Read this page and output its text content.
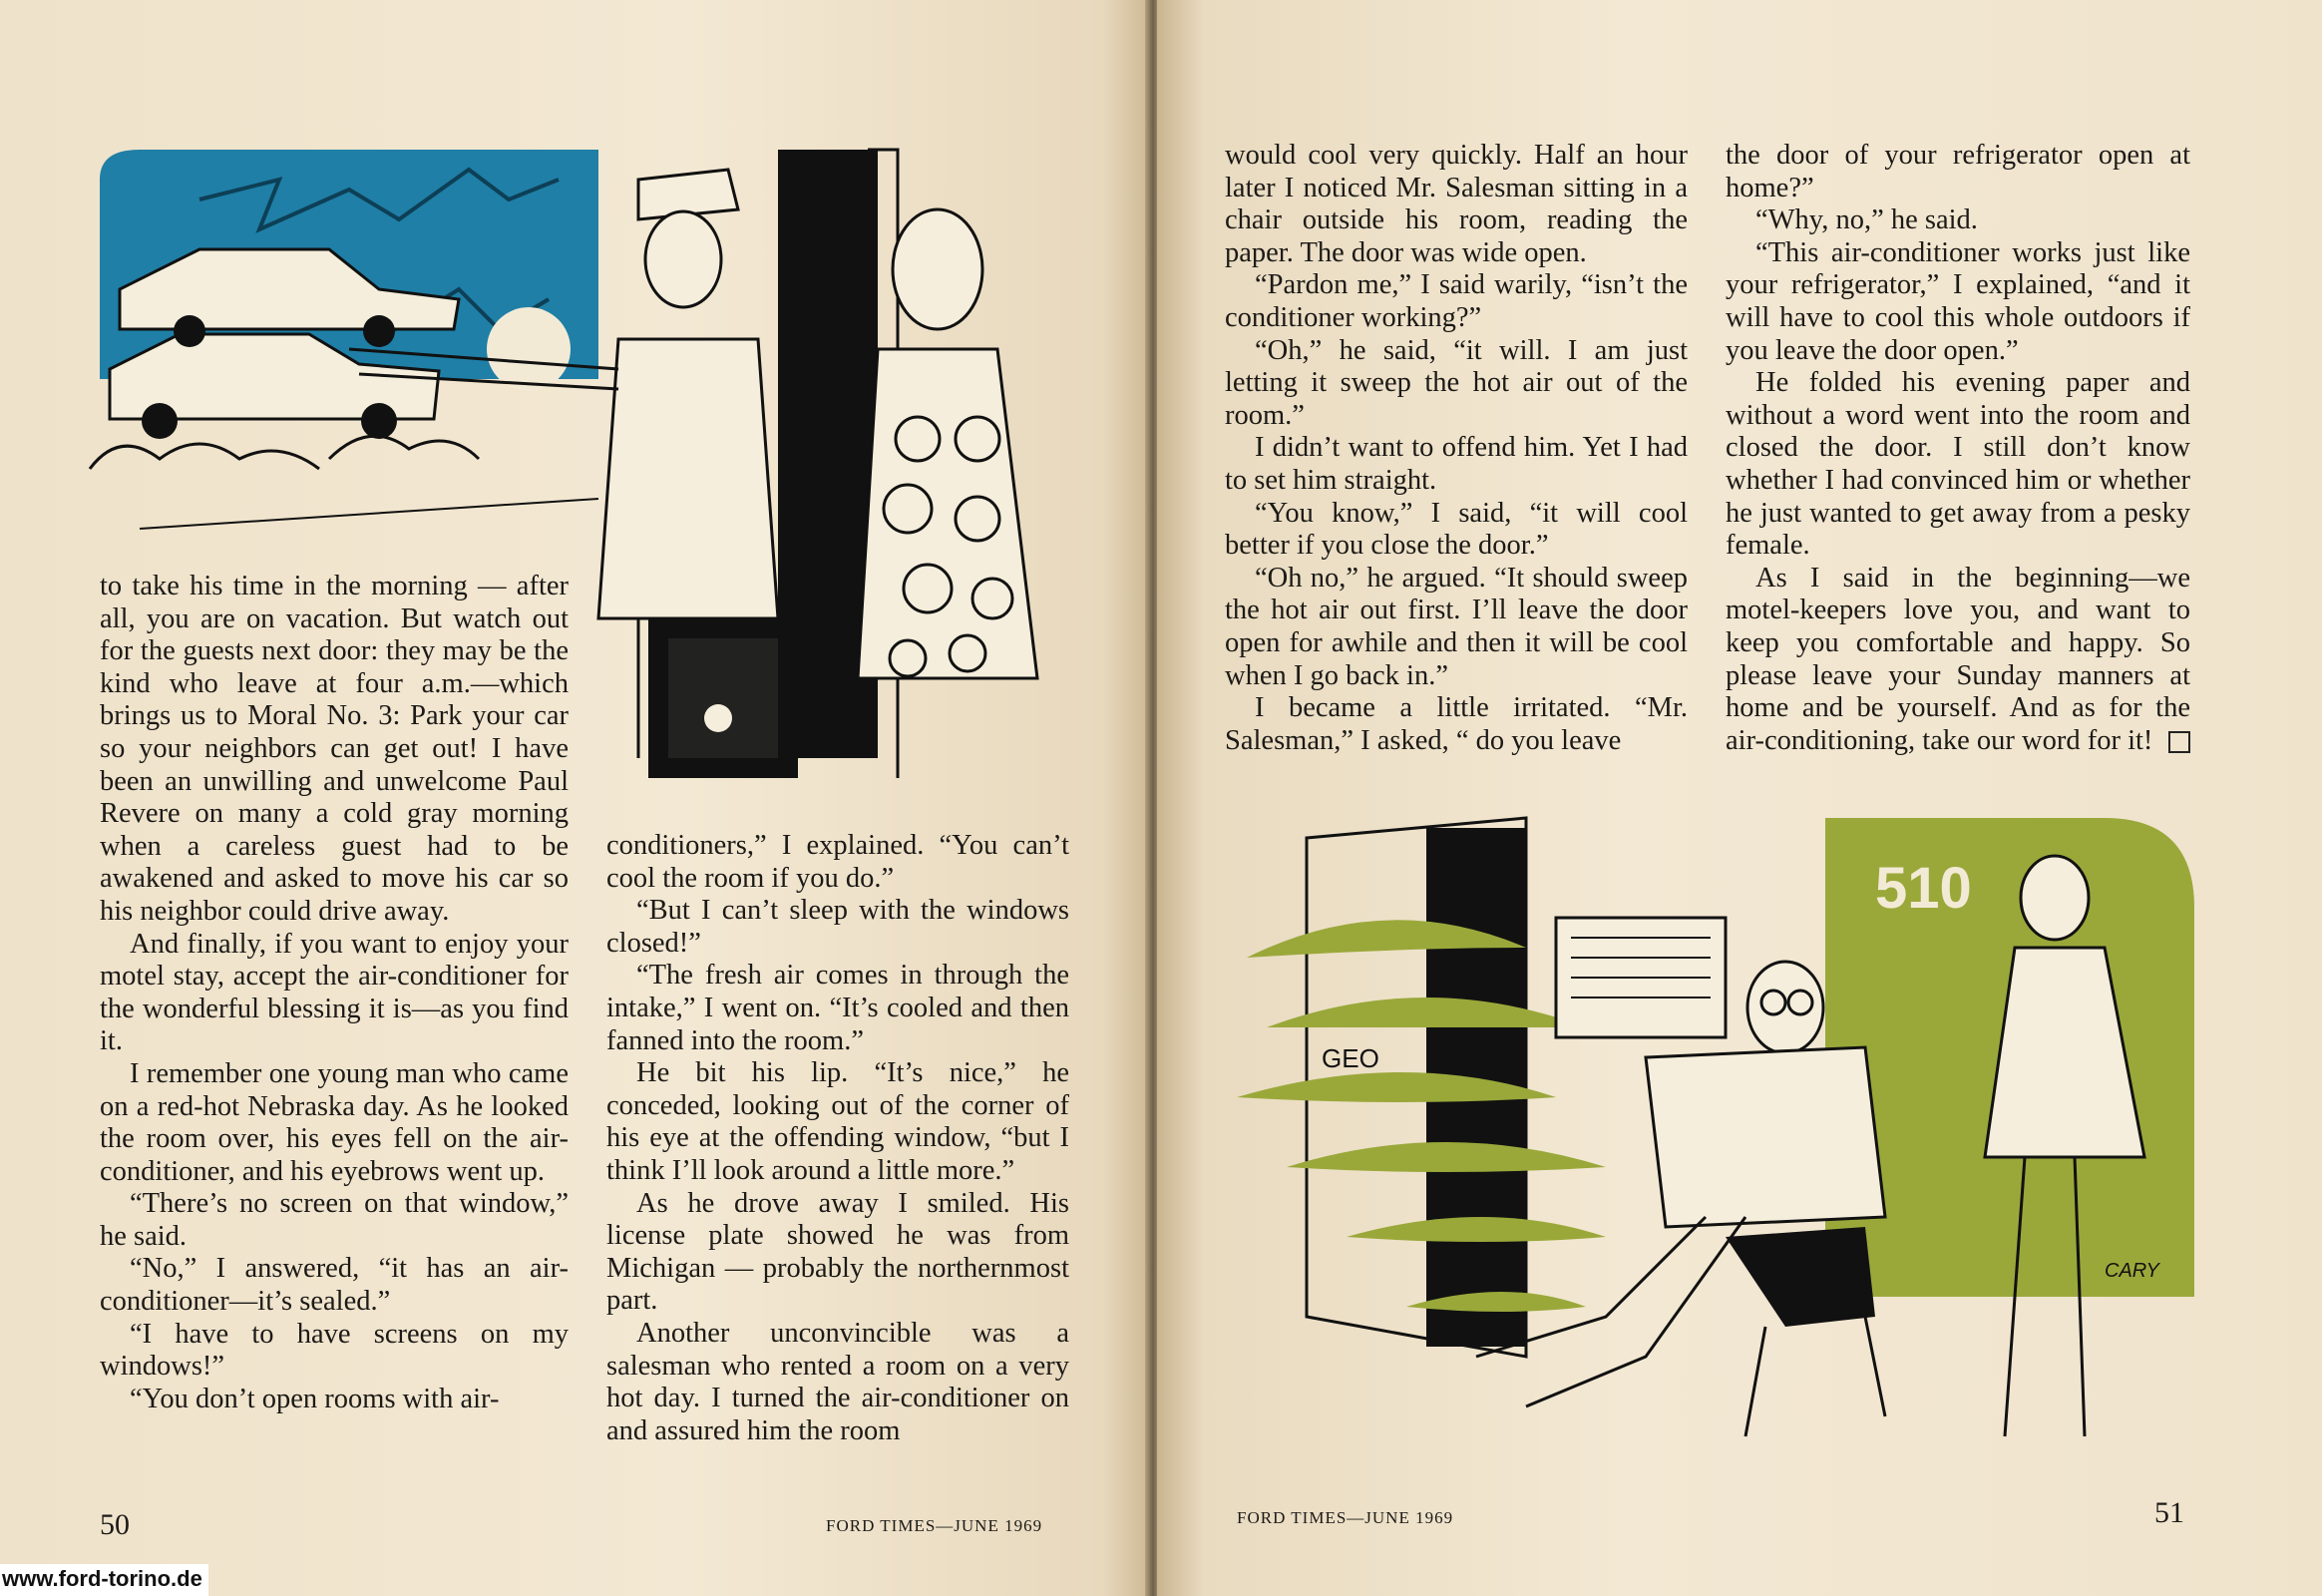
to take his time in the morning — after all, you are on vacation. But watch out for the guests next door: they may be the kind who leave at four a.m.—which brings us to Moral No. 3: Park your car so your neighbors can get out! I have been an unwilling and unwelcome Paul Revere on many a cold gray morning when a careless guest had to be awakened and asked to move his car so his neighbor could drive away.

And finally, if you want to enjoy your motel stay, accept the air-conditioner for the wonderful blessing it is—as you find it.

I remember one young man who came on a red-hot Nebraska day. As he looked the room over, his eyes fell on the air-conditioner, and his eyebrows went up.

“There’s no screen on that window,” he said.

“No,” I answered, “it has an air-conditioner—it’s sealed.”

“I have to have screens on my windows!”

“You don’t open rooms with air-

conditioners,” I explained. “You can’t cool the room if you do.”

“But I can’t sleep with the windows closed!”

“The fresh air comes in through the intake,” I went on. “It’s cooled and then fanned into the room.”

He bit his lip. “It’s nice,” he conceded, looking out of the corner of his eye at the offending window, “but I think I’ll look around a little more.”

As he drove away I smiled. His license plate showed he was from Michigan — probably the northernmost part.

Another unconvincible was a salesman who rented a room on a very hot day. I turned the air-conditioner on and assured him the room

50	FORD TIMES—JUNE 1969
www.ford-torino.de

would cool very quickly. Half an hour later I noticed Mr. Salesman sitting in a chair outside his room, reading the paper. The door was wide open.

“Pardon me,” I said warily, “isn’t the conditioner working?”

“Oh,” he said, “it will. I am just letting it sweep the hot air out of the room.”

I didn’t want to offend him. Yet I had to set him straight.

“You know,” I said, “it will cool better if you close the door.”

“Oh no,” he argued. “It should sweep the hot air out first. I’ll leave the door open for awhile and then it will be cool when I go back in.”

I became a little irritated. “Mr. Salesman,” I asked, “ do you leave

the door of your refrigerator open at home?”

“Why, no,” he said.

“This air-conditioner works just like your refrigerator,” I explained, “and it will have to cool this whole outdoors if you leave the door open.”

He folded his evening paper and without a word went into the room and closed the door. I still don’t know whether I had convinced him or whether he just wanted to get away from a pesky female.

As I said in the beginning—we motel-keepers love you, and want to keep you comfortable and happy. So please leave your Sunday manners at home and be yourself. And as for the air-conditioning, take our word for it!

510
GEO
CARY
FORD TIMES—JUNE 1969	51
